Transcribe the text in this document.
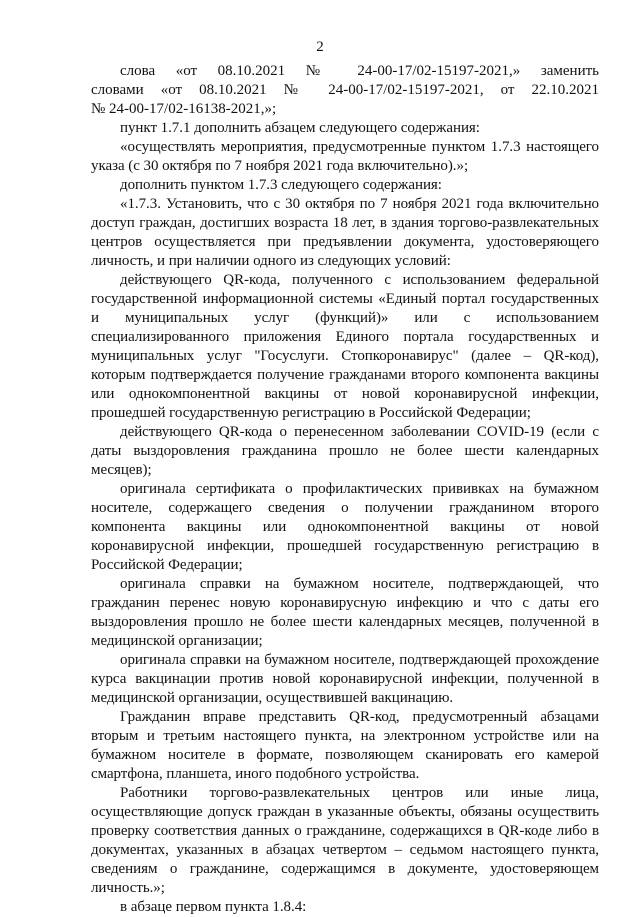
2

слова «от 08.10.2021 № 24-00-17/02-15197-2021,» заменить

словами «от 08.10.2021 № 24-00-17/02-15197-2021, от 22.10.2021

№ 24-00-17/02-16138-2021,»;

пункт 1.7.1 дополнить абзацем следующего содержания:

«осуществлять мероприятия, предусмотренные пунктом 1.7.3 настоящего указа (с 30 октября по 7 ноября 2021 года включительно).»;

дополнить пунктом 1.7.3 следующего содержания:

«1.7.3. Установить, что с 30 октября по 7 ноября 2021 года включительно доступ граждан, достигших возраста 18 лет, в здания торгово-развлекательных центров осуществляется при предъявлении документа, удостоверяющего личность, и при наличии одного из следующих условий:

действующего QR-кода, полученного с использованием федеральной государственной информационной системы «Единый портал государственных и муниципальных услуг (функций)» или с использованием специализированного приложения Единого портала государственных и муниципальных услуг "Госуслуги. Стопкоронавирус" (далее – QR-код), которым подтверждается получение гражданами второго компонента вакцины или однокомпонентной вакцины от новой коронавирусной инфекции, прошедшей государственную регистрацию в Российской Федерации;

действующего QR-кода о перенесенном заболевании COVID-19 (если с даты выздоровления гражданина прошло не более шести календарных месяцев);

оригинала сертификата о профилактических прививках на бумажном носителе, содержащего сведения о получении гражданином второго компонента вакцины или однокомпонентной вакцины от новой коронавирусной инфекции, прошедшей государственную регистрацию в Российской Федерации;

оригинала справки на бумажном носителе, подтверждающей, что гражданин перенес новую коронавирусную инфекцию и что с даты его выздоровления прошло не более шести календарных месяцев, полученной в медицинской организации;

оригинала справки на бумажном носителе, подтверждающей прохождение курса вакцинации против новой коронавирусной инфекции, полученной в медицинской организации, осуществившей вакцинацию.

Гражданин вправе представить QR-код, предусмотренный абзацами вторым и третьим настоящего пункта, на электронном устройстве или на бумажном носителе в формате, позволяющем сканировать его камерой смартфона, планшета, иного подобного устройства.

Работники торгово-развлекательных центров или иные лица, осуществляющие допуск граждан в указанные объекты, обязаны осуществить проверку соответствия данных о гражданине, содержащихся в QR-коде либо в документах, указанных в абзацах четвертом – седьмом настоящего пункта, сведениям о гражданине, содержащимся в документе, удостоверяющем личность.»;

в абзаце первом пункта 1.8.4:
